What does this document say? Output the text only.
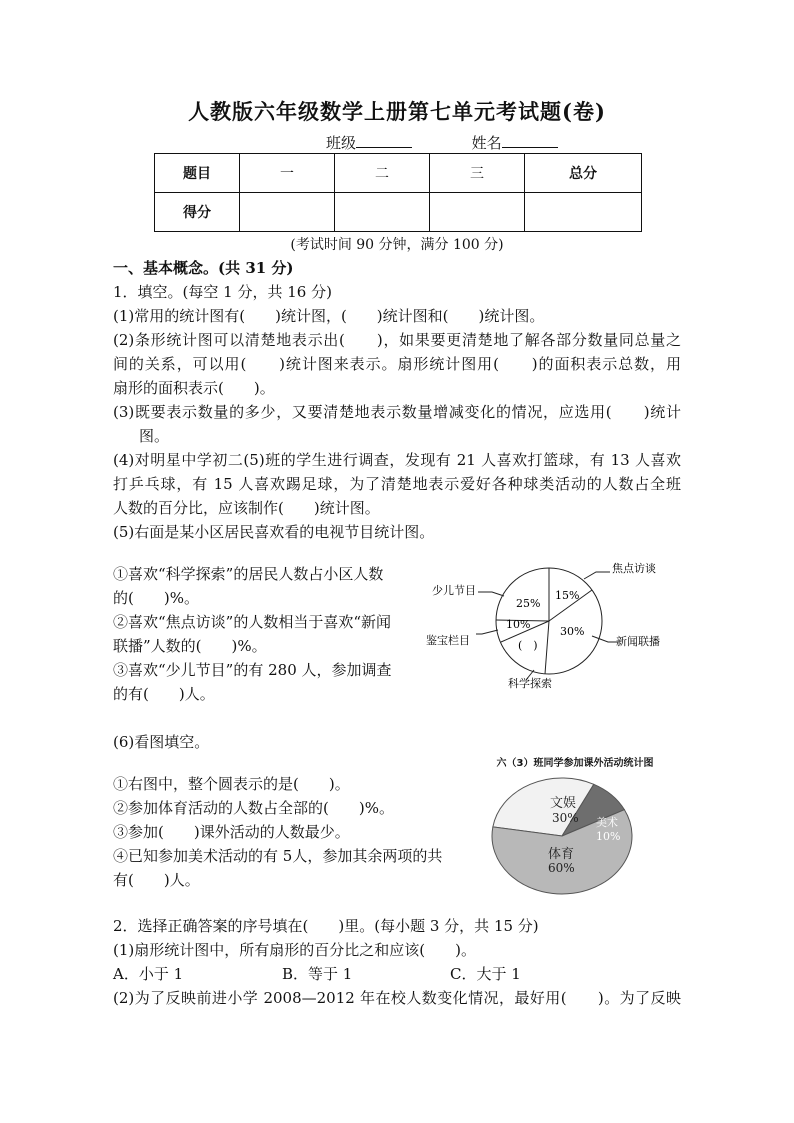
人教版六年级数学上册第七单元考试题(卷)
班级	姓名
题目	一	二	三	总分
得分				
(考试时间 90 分钟，满分 100 分)
一、基本概念。(共 31 分)
1．填空。(每空 1 分，共 16 分)
(1)常用的统计图有(　　)统计图，(　　)统计图和(　　)统计图。
(2)条形统计图可以清楚地表示出(　　)，如果要更清楚地了解各部分数量同总量之
间的关系，可以用(　　)统计图来表示。扇形统计图用(　　)的面积表示总数，用
扇形的面积表示(　　)。
(3)既要表示数量的多少，又要清楚地表示数量增减变化的情况，应选用(　　)统计
图。
(4)对明星中学初二(5)班的学生进行调查，发现有 21 人喜欢打篮球，有 13 人喜欢
打乒乓球，有 15 人喜欢踢足球，为了清楚地表示爱好各种球类活动的人数占全班
人数的百分比，应该制作(　　)统计图。
(5)右面是某小区居民喜欢看的电视节目统计图。
①喜欢“科学探索”的居民人数占小区人数
的(　　)%。
②喜欢“焦点访谈”的人数相当于喜欢“新闻
联播”人数的(　　)%。
③喜欢“少儿节目”的有 280 人，参加调查
的有(　　)人。
25%
15%
30%
10%
(　)
焦点访谈
少儿节目
新闻联播
鉴宝栏目
科学探索
(6)看图填空。
①右图中，整个圆表示的是(　　)。
②参加体育活动的人数占全部的(　　)%。
③参加(　　)课外活动的人数最少。
④已知参加美术活动的有 5人，参加其余两项的共
有(　　)人。
六（3）班同学参加课外活动统计图
文娱
30% 美术
10%
体育
60%
2．选择正确答案的序号填在(　　)里。(每小题 3 分，共 15 分)
(1)扇形统计图中，所有扇形的百分比之和应该(　　)。
A．小于 1	B．等于 1	C．大于 1
(2)为了反映前进小学 2008—2012 年在校人数变化情况，最好用(　　)。为了反映
